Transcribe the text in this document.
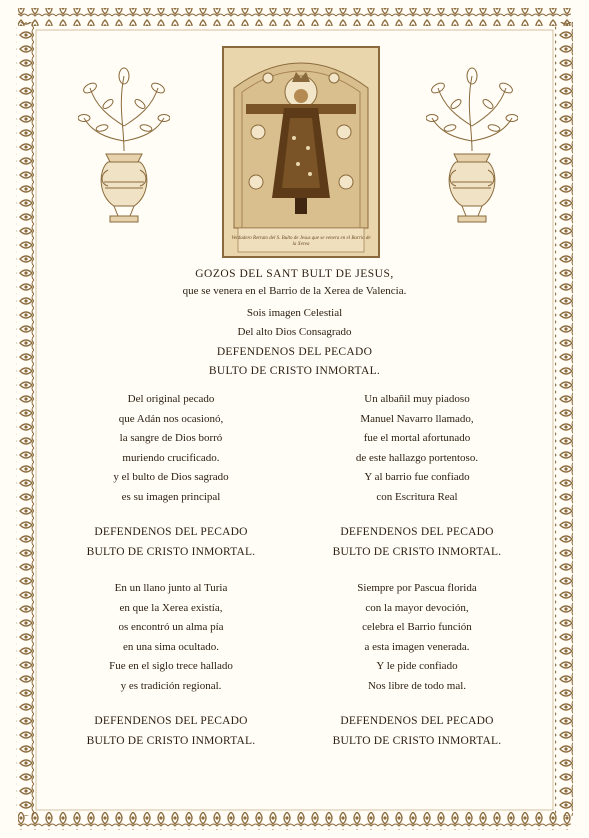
Verdadero Retrato del S. Bulto de Jesus que se venera en el Barrio de la Xerea
GOZOS DEL SANT BULT DE JESUS,
que se venera en el Barrio de la Xerea de Valencia.
Sois imagen Celestial
Del alto Dios Consagrado
DEFENDENOS DEL PECADO
BULTO DE CRISTO INMORTAL.
Del original pecado
que Adán nos ocasionó,
la sangre de Dios borró
muriendo crucificado.
y el bulto de Dios sagrado
es su imagen principal
DEFENDENOS DEL PECADO
BULTO DE CRISTO INMORTAL.
Un albañil muy piadoso
Manuel Navarro llamado,
fue el mortal afortunado
de este hallazgo portentoso.
Y al barrio fue confiado
con Escritura Real
DEFENDENOS DEL PECADO
BULTO DE CRISTO INMORTAL.
En un llano junto al Turia
en que la Xerea existía,
os encontró un alma pía
en una sima ocultado.
Fue en el siglo trece hallado
y es tradición regional.
DEFENDENOS DEL PECADO
BULTO DE CRISTO INMORTAL.
Siempre por Pascua florida
con la mayor devoción,
celebra el Barrio función
a esta imagen venerada.
Y le pide confiado
Nos libre de todo mal.
DEFENDENOS DEL PECADO
BULTO DE CRISTO INMORTAL.
